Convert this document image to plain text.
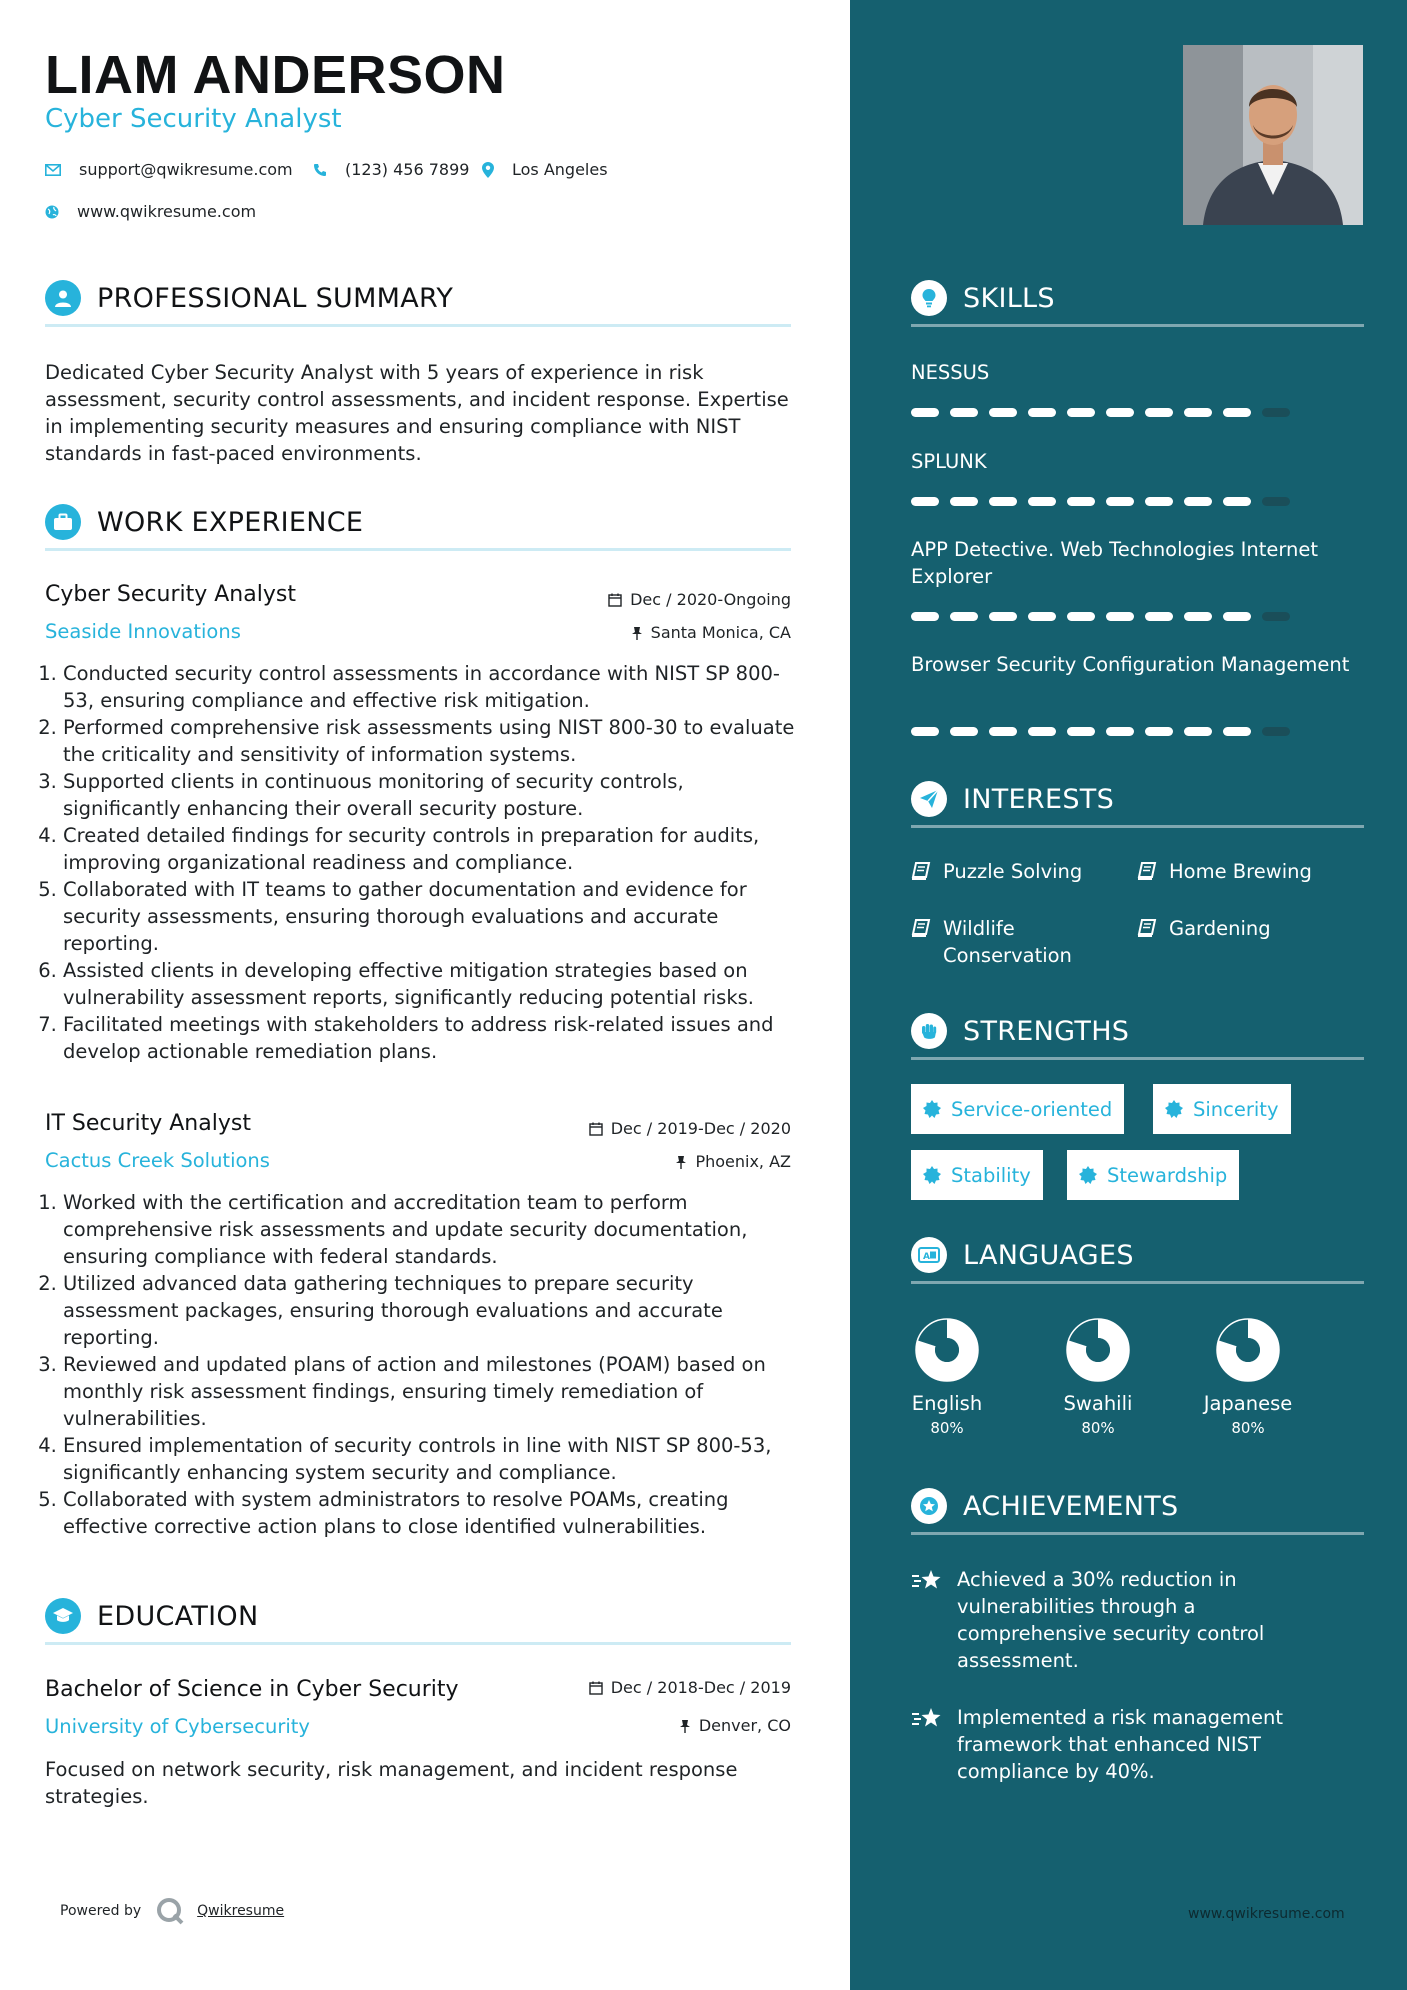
LIAM ANDERSON
Cyber Security Analyst
support@qwikresume.com	(123) 456 7899	Los Angeles
www.qwikresume.com
PROFESSIONAL SUMMARY
Dedicated Cyber Security Analyst with 5 years of experience in risk assessment, security control assessments, and incident response. Expertise in implementing security measures and ensuring compliance with NIST standards in fast-paced environments.
WORK EXPERIENCE
Cyber Security Analyst	Dec / 2020-Ongoing
Seaside Innovations	Santa Monica, CA
1. Conducted security control assessments in accordance with NIST SP 800-53, ensuring compliance and effective risk mitigation.
2. Performed comprehensive risk assessments using NIST 800-30 to evaluate the criticality and sensitivity of information systems.
3. Supported clients in continuous monitoring of security controls, significantly enhancing their overall security posture.
4. Created detailed findings for security controls in preparation for audits, improving organizational readiness and compliance.
5. Collaborated with IT teams to gather documentation and evidence for security assessments, ensuring thorough evaluations and accurate reporting.
6. Assisted clients in developing effective mitigation strategies based on vulnerability assessment reports, significantly reducing potential risks.
7. Facilitated meetings with stakeholders to address risk-related issues and develop actionable remediation plans.
IT Security Analyst	Dec / 2019-Dec / 2020
Cactus Creek Solutions	Phoenix, AZ
1. Worked with the certification and accreditation team to perform comprehensive risk assessments and update security documentation, ensuring compliance with federal standards.
2. Utilized advanced data gathering techniques to prepare security assessment packages, ensuring thorough evaluations and accurate reporting.
3. Reviewed and updated plans of action and milestones (POAM) based on monthly risk assessment findings, ensuring timely remediation of vulnerabilities.
4. Ensured implementation of security controls in line with NIST SP 800-53, significantly enhancing system security and compliance.
5. Collaborated with system administrators to resolve POAMs, creating effective corrective action plans to close identified vulnerabilities.
EDUCATION
Bachelor of Science in Cyber Security	Dec / 2018-Dec / 2019
University of Cybersecurity	Denver, CO
Focused on network security, risk management, and incident response strategies.
SKILLS
NESSUS
SPLUNK
APP Detective. Web Technologies Internet Explorer
Browser Security Configuration Management
INTERESTS
Puzzle Solving	Home Brewing
Wildlife Conservation
Gardening
STRENGTHS
Service-oriented	Sincerity
Stability	Stewardship
A LANGUAGES
English
80%
Swahili
80%
Japanese
80%
ACHIEVEMENTS
Achieved a 30% reduction in vulnerabilities through a comprehensive security control assessment.
Implemented a risk management framework that enhanced NIST compliance by 40%.
Powered by	Qwikresume	www.qwikresume.com
